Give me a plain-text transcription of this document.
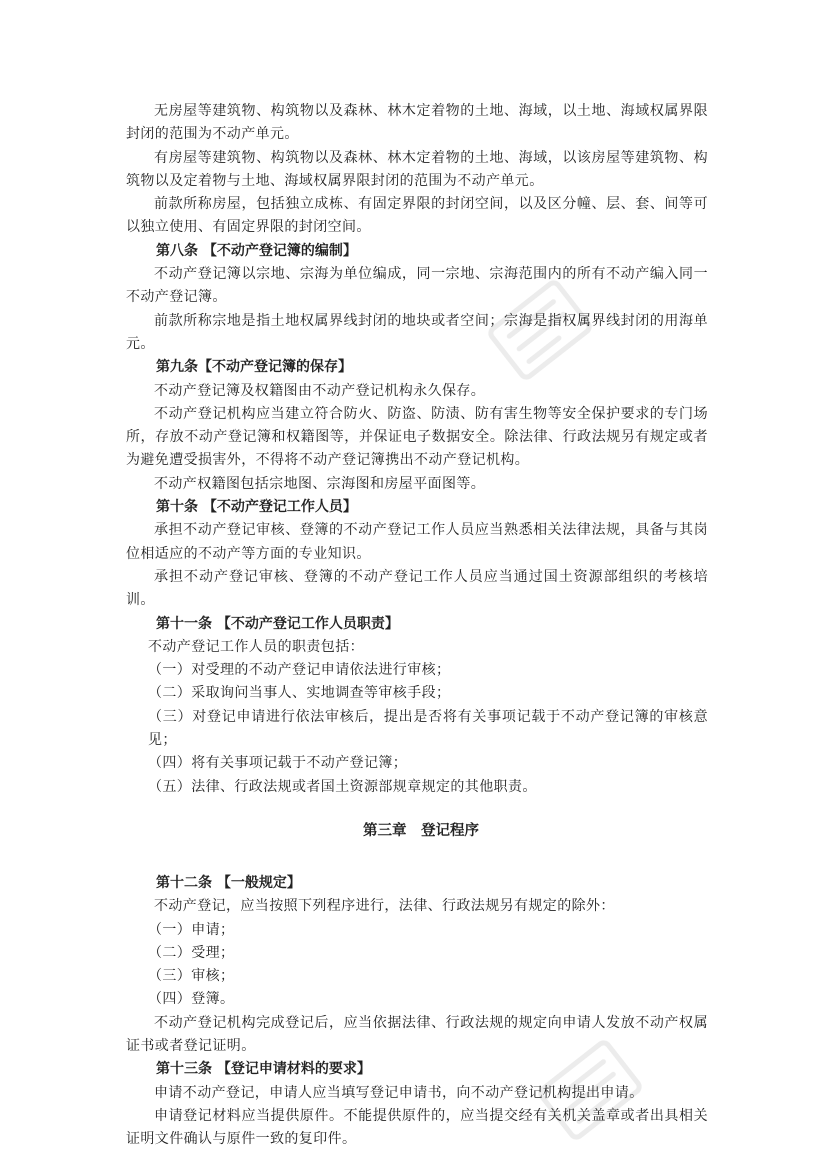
无房屋等建筑物、构筑物以及森林、林木定着物的土地、海域，以土地、海域权属界限封闭的范围为不动产单元。

有房屋等建筑物、构筑物以及森林、林木定着物的土地、海域，以该房屋等建筑物、构筑物以及定着物与土地、海域权属界限封闭的范围为不动产单元。

前款所称房屋，包括独立成栋、有固定界限的封闭空间，以及区分幢、层、套、间等可以独立使用、有固定界限的封闭空间。

第八条 【不动产登记簿的编制】

不动产登记簿以宗地、宗海为单位编成，同一宗地、宗海范围内的所有不动产编入同一不动产登记簿。

前款所称宗地是指土地权属界线封闭的地块或者空间；宗海是指权属界线封闭的用海单元。

第九条【不动产登记簿的保存】

不动产登记簿及权籍图由不动产登记机构永久保存。

不动产登记机构应当建立符合防火、防盗、防渍、防有害生物等安全保护要求的专门场所，存放不动产登记簿和权籍图等，并保证电子数据安全。除法律、行政法规另有规定或者为避免遭受损害外，不得将不动产登记簿携出不动产登记机构。

不动产权籍图包括宗地图、宗海图和房屋平面图等。

第十条 【不动产登记工作人员】

承担不动产登记审核、登簿的不动产登记工作人员应当熟悉相关法律法规，具备与其岗位相适应的不动产等方面的专业知识。

承担不动产登记审核、登簿的不动产登记工作人员应当通过国土资源部组织的考核培训。

第十一条 【不动产登记工作人员职责】

不动产登记工作人员的职责包括：

（一）对受理的不动产登记申请依法进行审核；

（二）采取询问当事人、实地调查等审核手段；

（三）对登记申请进行依法审核后，提出是否将有关事项记载于不动产登记簿的审核意见；

（四）将有关事项记载于不动产登记簿；

（五）法律、行政法规或者国土资源部规章规定的其他职责。

第三章　登记程序
第十二条 【一般规定】

不动产登记，应当按照下列程序进行，法律、行政法规另有规定的除外：

（一）申请；

（二）受理；

（三）审核；

（四）登簿。

不动产登记机构完成登记后，应当依据法律、行政法规的规定向申请人发放不动产权属证书或者登记证明。

第十三条 【登记申请材料的要求】

申请不动产登记，申请人应当填写登记申请书，向不动产登记机构提出申请。

申请登记材料应当提供原件。不能提供原件的，应当提交经有关机关盖章或者出具相关证明文件确认与原件一致的复印件。
